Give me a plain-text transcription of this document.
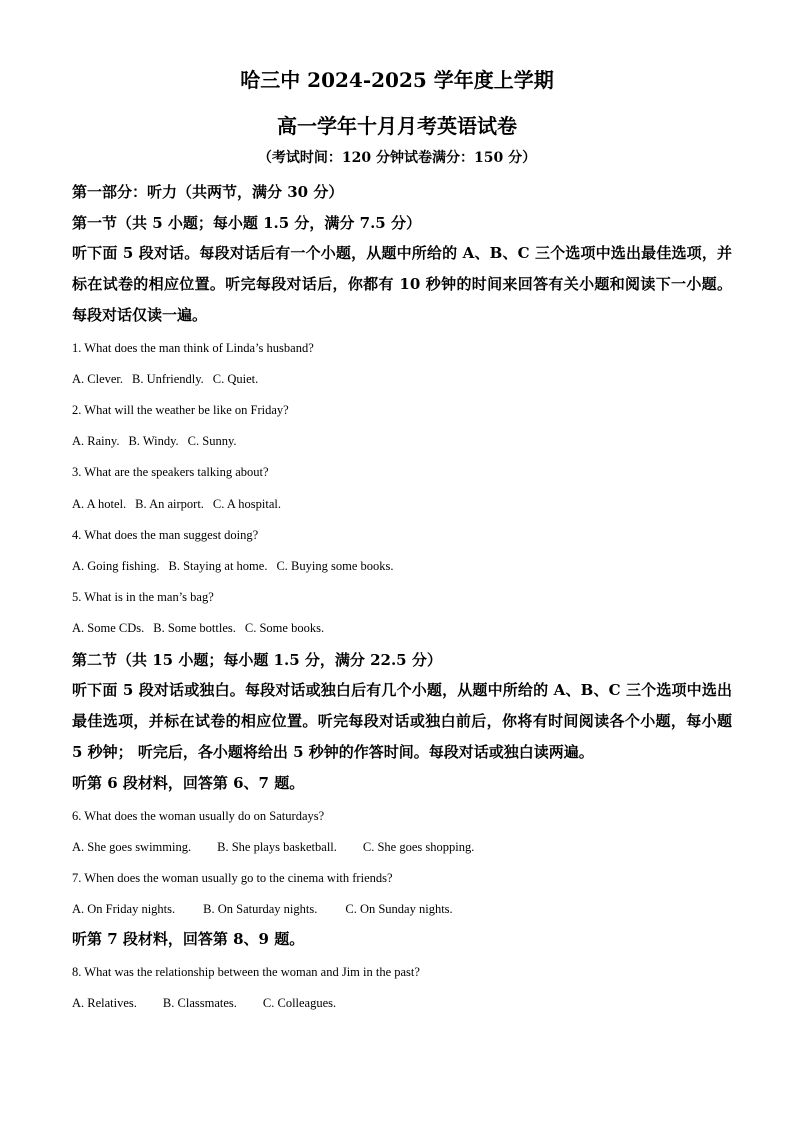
哈三中 2024-2025 学年度上学期
高一学年十月月考英语试卷
（考试时间：120 分钟试卷满分：150 分）
第一部分：听力（共两节，满分 30 分）
第一节（共 5 小题；每小题 1.5 分，满分 7.5 分）
听下面 5 段对话。每段对话后有一个小题，从题中所给的 A、B、C 三个选项中选出最佳选项，并标在试卷的相应位置。听完每段对话后，你都有 10 秒钟的时间来回答有关小题和阅读下一小题。每段对话仅读一遍。
1. What does the man think of Linda’s husband?
A. Clever. B. Unfriendly. C. Quiet.
2. What will the weather be like on Friday?
A. Rainy. B. Windy. C. Sunny.
3. What are the speakers talking about?
A. A hotel. B. An airport. C. A hospital.
4. What does the man suggest doing?
A. Going fishing. B. Staying at home. C. Buying some books.
5. What is in the man’s bag?
A. Some CDs. B. Some bottles. C. Some books.
第二节（共 15 小题；每小题 1.5 分，满分 22.5 分）
听下面 5 段对话或独白。每段对话或独白后有几个小题，从题中所给的 A、B、C 三个选项中选出最佳选项，并标在试卷的相应位置。听完每段对话或独白前后，你将有时间阅读各个小题，每小题 5 秒钟； 听完后，各小题将给出 5 秒钟的作答时间。每段对话或独白读两遍。
听第 6 段材料，回答第 6、7 题。
6. What does the woman usually do on Saturdays?
A. She goes swimming. B. She plays basketball. C. She goes shopping.
7. When does the woman usually go to the cinema with friends?
A. On Friday nights. B. On Saturday nights. C. On Sunday nights.
听第 7 段材料，回答第 8、9 题。
8. What was the relationship between the woman and Jim in the past?
A. Relatives. B. Classmates. C. Colleagues.
